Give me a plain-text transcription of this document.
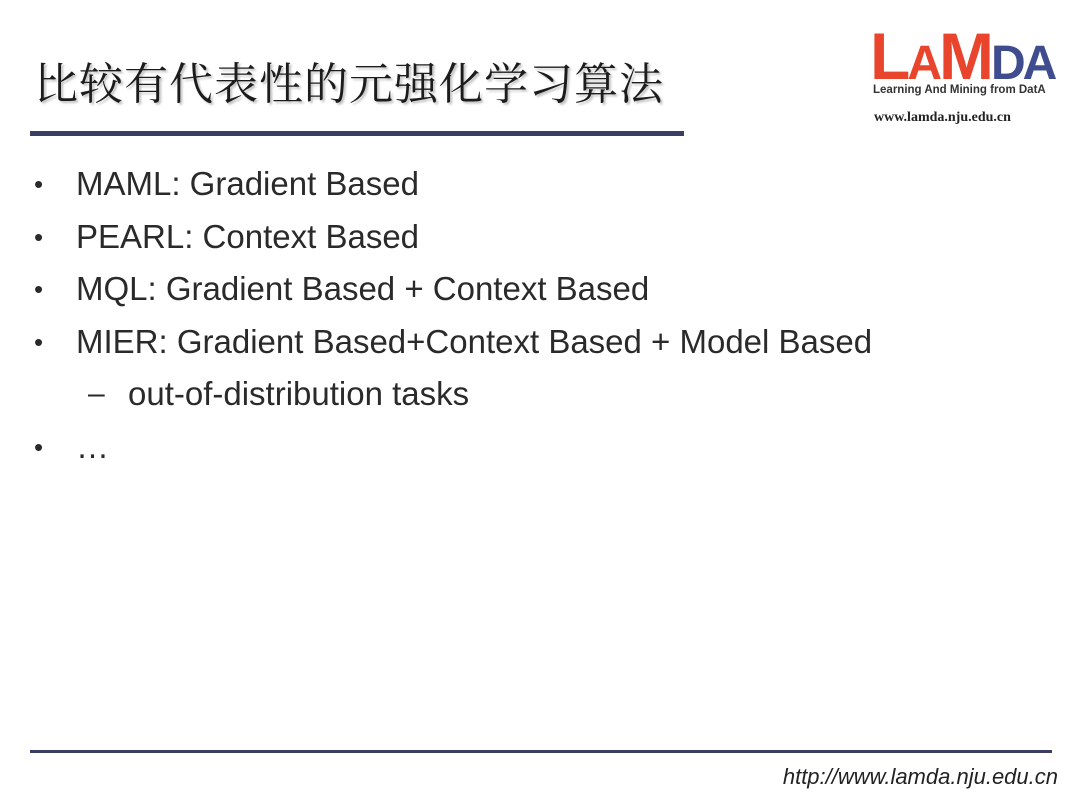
比较有代表性的元强化学习算法	LAMDA
Learning And Mining from DatA
www.lamda.nju.edu.cn
• MAML: Gradient Based
• PEARL: Context Based
• MQL: Gradient Based + Context Based
• MIER: Gradient Based+Context Based + Model Based
– out-of-distribution tasks
• …
http://www.lamda.nju.edu.cn
